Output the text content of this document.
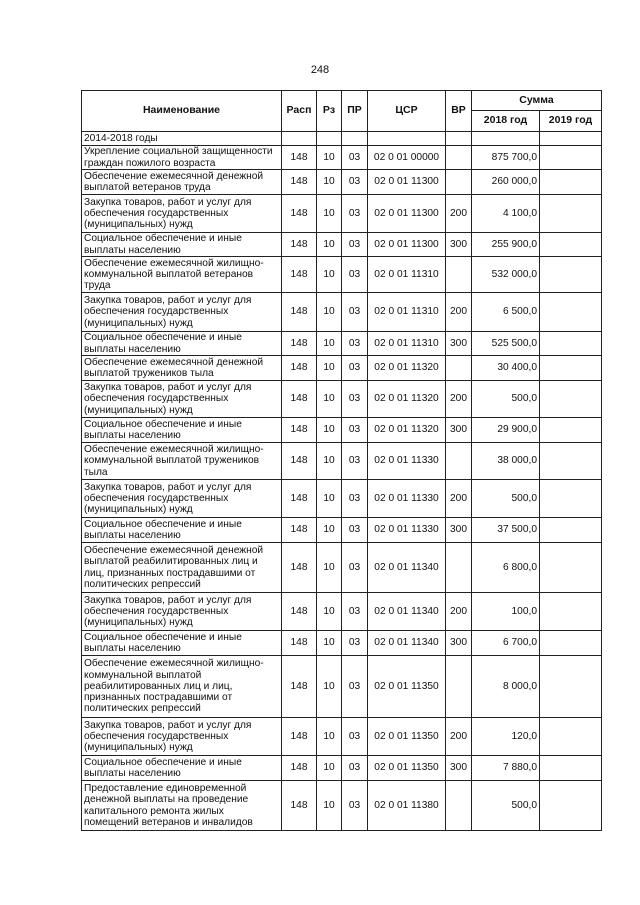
248
Наименование	Расп	Рз	ПР	ЦСР	ВР	Сумма	
						2018 год	2019 год
2014-2018 годы							
Укрепление социальной защищенности граждан пожилого возраста	148	10	03	02 0 01 00000		875 700,0	
Обеспечение ежемесячной денежной выплатой ветеранов труда	148	10	03	02 0 01 11300		260 000,0	
Закупка товаров, работ и услуг для обеспечения государственных (муниципальных) нужд	148	10	03	02 0 01 11300	200	4 100,0	
Социальное обеспечение и иные выплаты населению	148	10	03	02 0 01 11300	300	255 900,0	
Обеспечение ежемесячной жилищно-коммунальной выплатой ветеранов труда	148	10	03	02 0 01 11310		532 000,0	
Закупка товаров, работ и услуг для обеспечения государственных (муниципальных) нужд	148	10	03	02 0 01 11310	200	6 500,0	
Социальное обеспечение и иные выплаты населению	148	10	03	02 0 01 11310	300	525 500,0	
Обеспечение ежемесячной денежной выплатой тружеников тыла	148	10	03	02 0 01 11320		30 400,0	
Закупка товаров, работ и услуг для обеспечения государственных (муниципальных) нужд	148	10	03	02 0 01 11320	200	500,0	
Социальное обеспечение и иные выплаты населению	148	10	03	02 0 01 11320	300	29 900,0	
Обеспечение ежемесячной жилищно-коммунальной выплатой тружеников тыла	148	10	03	02 0 01 11330		38 000,0	
Закупка товаров, работ и услуг для обеспечения государственных (муниципальных) нужд	148	10	03	02 0 01 11330	200	500,0	
Социальное обеспечение и иные выплаты населению	148	10	03	02 0 01 11330	300	37 500,0	
Обеспечение ежемесячной денежной выплатой реабилитированных лиц и лиц, признанных пострадавшими от политических репрессий	148	10	03	02 0 01 11340		6 800,0	
Закупка товаров, работ и услуг для обеспечения государственных (муниципальных) нужд	148	10	03	02 0 01 11340	200	100,0	
Социальное обеспечение и иные выплаты населению	148	10	03	02 0 01 11340	300	6 700,0	
Обеспечение ежемесячной жилищно-коммунальной выплатой реабилитированных лиц и лиц, признанных пострадавшими от политических репрессий	148	10	03	02 0 01 11350		8 000,0	
Закупка товаров, работ и услуг для обеспечения государственных (муниципальных) нужд	148	10	03	02 0 01 11350	200	120,0	
Социальное обеспечение и иные выплаты населению	148	10	03	02 0 01 11350	300	7 880,0	
Предоставление единовременной денежной выплаты на проведение капитального ремонта жилых помещений ветеранов и инвалидов	148	10	03	02 0 01 11380		500,0	
